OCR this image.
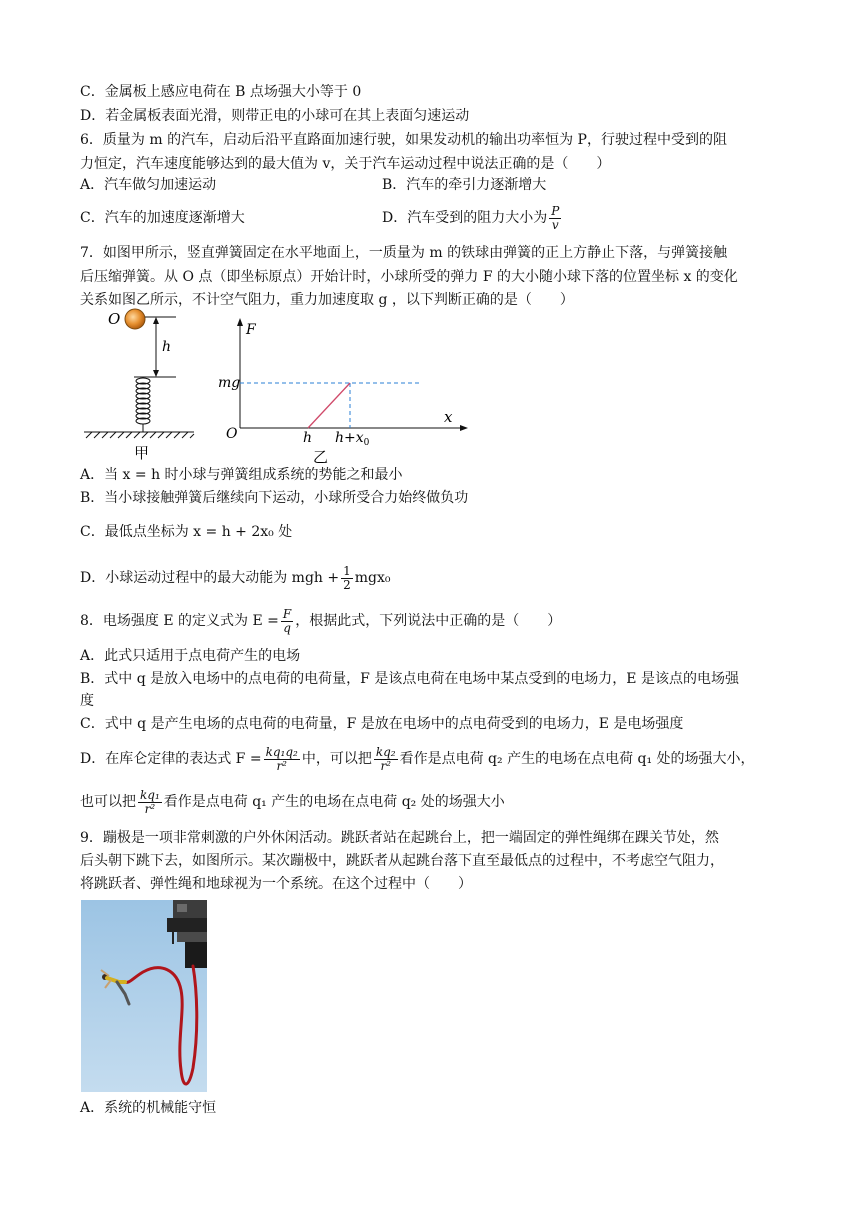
C．金属板上感应电荷在 B 点场强大小等于 0
D．若金属板表面光滑，则带正电的小球可在其上表面匀速运动
6．质量为 m 的汽车，启动后沿平直路面加速行驶，如果发动机的输出功率恒为 P，行驶过程中受到的阻
力恒定，汽车速度能够达到的最大值为 v，关于汽车运动过程中说法正确的是（　　）
A．汽车做匀加速运动	B．汽车的牵引力逐渐增大
C．汽车的加速度逐渐增大	D．汽车受到的阻力大小为 $\frac{P}{v}$
7．如图甲所示，竖直弹簧固定在水平地面上，一质量为 m 的铁球由弹簧的正上方静止下落，与弹簧接触
后压缩弹簧。从 O 点（即坐标原点）开始计时，小球所受的弹力 F 的大小随小球下落的位置坐标 x 的变化
关系如图乙所示，不计空气阻力，重力加速度取 g ，以下判断正确的是（　　）
O
h
甲
F
x
mg
O	h $h+x_0$
乙
A．当 x = h 时小球与弹簧组成系统的势能之和最小
B．当小球接触弹簧后继续向下运动，小球所受合力始终做负功
C．最低点坐标为 x = h + 2x₀ 处
D．小球运动过程中的最大动能为 mgh + $\frac{1}{2} mgx_0$
8．电场强度 E 的定义式为 $E = \frac{F}{q}$ ，根据此式，下列说法中正确的是（　　）
A．此式只适用于点电荷产生的电场
B．式中 q 是放入电场中的点电荷的电荷量，F 是该点电荷在电场中某点受到的电场力，E 是该点的电场强
度
C．式中 q 是产生电场的点电荷的电荷量，F 是放在电场中的点电荷受到的电场力，E 是电场强度
D．在库仑定律的表达式 $F = \frac{\text{kq₁q₂}}{\text{r²}}$ 中，可以把 $\frac{\text{kq₂}}{\text{r²}}$ 看作是点电荷 q₂ 产生的电场在点电荷 q₁ 处的场强大小，
也可以把 $\frac{\text{kq₁}}{\text{r²}}$ 看作是点电荷 q₁ 产生的电场在点电荷 q₂ 处的场强大小
9．蹦极是一项非常刺激的户外休闲活动。跳跃者站在起跳台上，把一端固定的弹性绳绑在踝关节处，然
后头朝下跳下去，如图所示。某次蹦极中，跳跃者从起跳台落下直至最低点的过程中，不考虑空气阻力，
将跳跃者、弹性绳和地球视为一个系统。在这个过程中（　　）
A．系统的机械能守恒
